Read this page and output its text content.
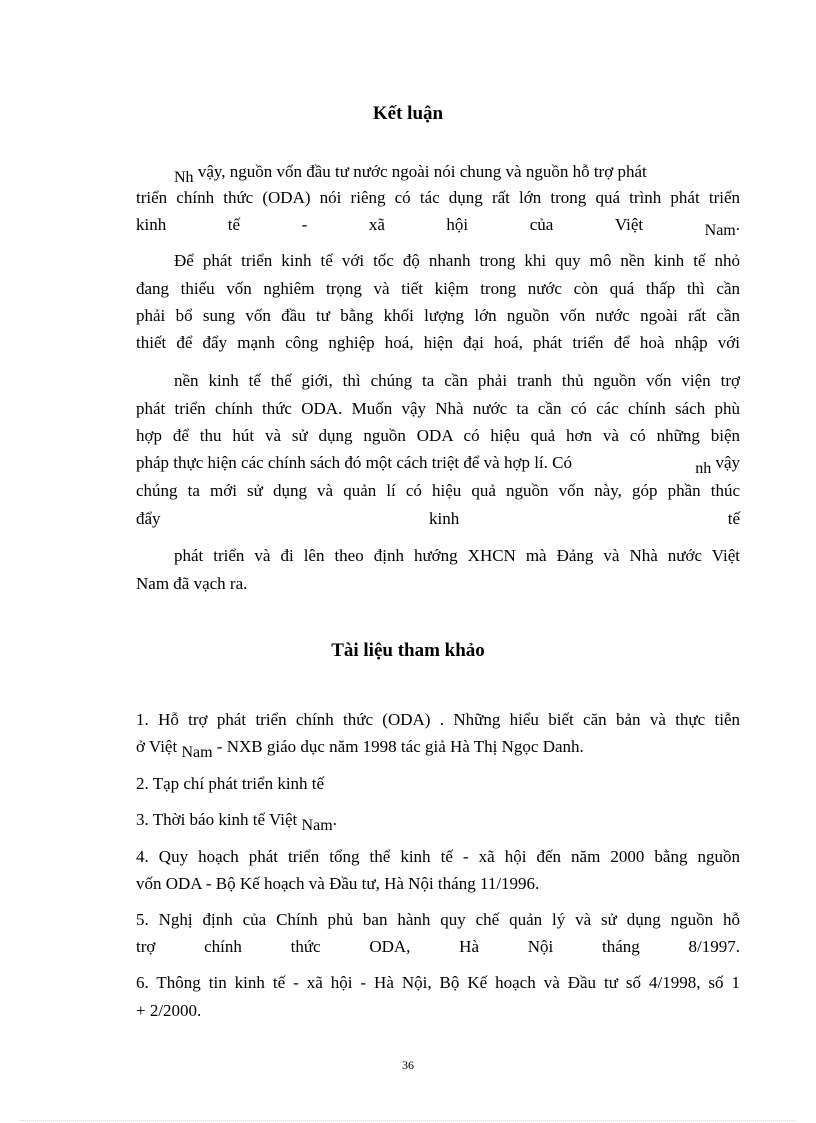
Kết luận
Nh vậy, nguồn vốn đầu tư nước ngoài nói chung và nguồn hỗ trợ phát
triển chính thức (ODA) nói riêng có tác dụng rất lớn trong quá trình phát triển
kinh	tế	-	xã	hội	của	Việt	Nam.
Để phát triển kinh tế với tốc độ nhanh trong khi quy mô nền kinh tế nhỏ
đang thiếu vốn nghiêm trọng và tiết kiệm trong nước còn quá thấp thì cần
phải bổ sung vốn đầu tư bằng khối lượng lớn nguồn vốn nước ngoài rất cần
thiết để đẩy mạnh công nghiệp hoá, hiện đại hoá, phát triển để hoà nhập với
nền kinh tế thế giới, thì chúng ta cần phải tranh thủ nguồn vốn viện trợ
phát triển chính thức ODA. Muốn vậy Nhà nước ta cần có các chính sách phù
hợp để thu hút và sử dụng nguồn ODA có hiệu quả hơn và có những biện
pháp thực hiện các chính sách đó một cách triệt để và hợp lí. Có	nh vậy
chúng ta mới sử dụng và quản lí có hiệu quả nguồn vốn này, góp phần thúc
đẩy	kinh	tế
phát triển và đi lên theo định hướng XHCN mà Đảng và Nhà nước Việt
Nam đã vạch ra.
Tài liệu tham khảo
1. Hỗ trợ phát triển chính thức (ODA) . Những hiểu biết căn bản và thực tiễn
ở Việt Nam - NXB giáo dục năm 1998 tác giả Hà Thị Ngọc Danh.
2. Tạp chí phát triển kinh tế
3. Thời báo kinh tế Việt Nam.
4. Quy hoạch phát triển tổng thể kinh tế - xã hội đến năm 2000 bằng nguồn
vốn ODA - Bộ Kế hoạch và Đầu tư, Hà Nội tháng 11/1996.
5. Nghị định của Chính phủ ban hành quy chế quản lý và sử dụng nguồn hỗ
trợ	chính	thức	ODA,	Hà	Nội	tháng	8/1997.
6. Thông tin kinh tế - xã hội - Hà Nội, Bộ Kế hoạch và Đầu tư số 4/1998, số 1
+ 2/2000.
36
